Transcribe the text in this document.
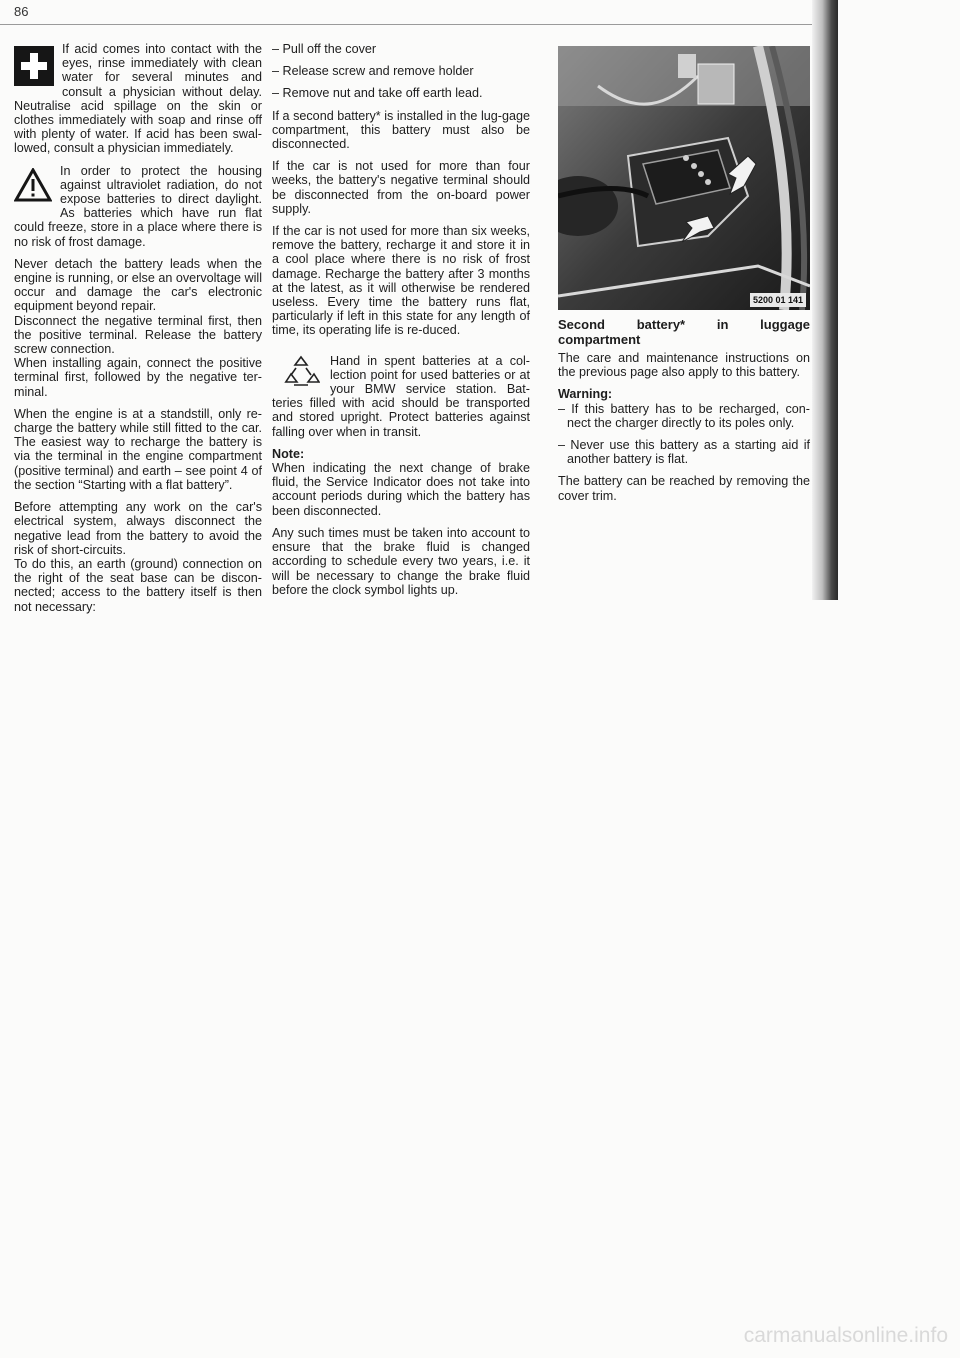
86

If acid comes into contact with the eyes, rinse immediately with clean water for several minutes and consult a physician without delay. Neutralise acid spillage on the skin or clothes immediately with soap and rinse off with plenty of water. If acid has been swal-lowed, consult a physician immediately.

In order to protect the housing against ultraviolet radiation, do not expose batteries to direct daylight. As batteries which have run flat could freeze, store in a place where there is no risk of frost damage.

Never detach the battery leads when the engine is running, or else an overvoltage will occur and damage the car's electronic equipment beyond repair.

Disconnect the negative terminal first, then the positive terminal. Release the battery screw connection.

When installing again, connect the positive terminal first, followed by the negative ter-minal.

When the engine is at a standstill, only re-charge the battery while still fitted to the car. The easiest way to recharge the battery is via the terminal in the engine compartment (positive terminal) and earth – see point 4 of the section “Starting with a flat battery”.

Before attempting any work on the car's electrical system, always disconnect the negative lead from the battery to avoid the risk of short-circuits.

To do this, an earth (ground) connection on the right of the seat base can be discon-nected; access to the battery itself is then not necessary:

– Pull off the cover

– Release screw and remove holder

– Remove nut and take off earth lead.

If a second battery* is installed in the lug-gage compartment, this battery must also be disconnected.

If the car is not used for more than four weeks, the battery's negative terminal should be disconnected from the on-board power supply.

If the car is not used for more than six weeks, remove the battery, recharge it and store it in a cool place where there is no risk of frost damage. Recharge the battery after 3 months at the latest, as it will otherwise be rendered useless. Every time the battery runs flat, particularly if left in this state for any length of time, its operating life is re-duced.

Hand in spent batteries at a col-lection point for used batteries or at your BMW service station. Bat-teries filled with acid should be transported and stored upright. Protect batteries against falling over when in transit.

Note:
When indicating the next change of brake fluid, the Service Indicator does not take into account periods during which the battery has been disconnected.

Any such times must be taken into account to ensure that the brake fluid is changed according to schedule every two years, i.e. it will be necessary to change the brake fluid before the clock symbol lights up.

5200 01 141
Second battery* in luggage compartment

The care and maintenance instructions on the previous page also apply to this battery.

Warning:

– If this battery has to be recharged, con-nect the charger directly to its poles only.

– Never use this battery as a starting aid if another battery is flat.

The battery can be reached by removing the cover trim.

carmanualsonline.info
